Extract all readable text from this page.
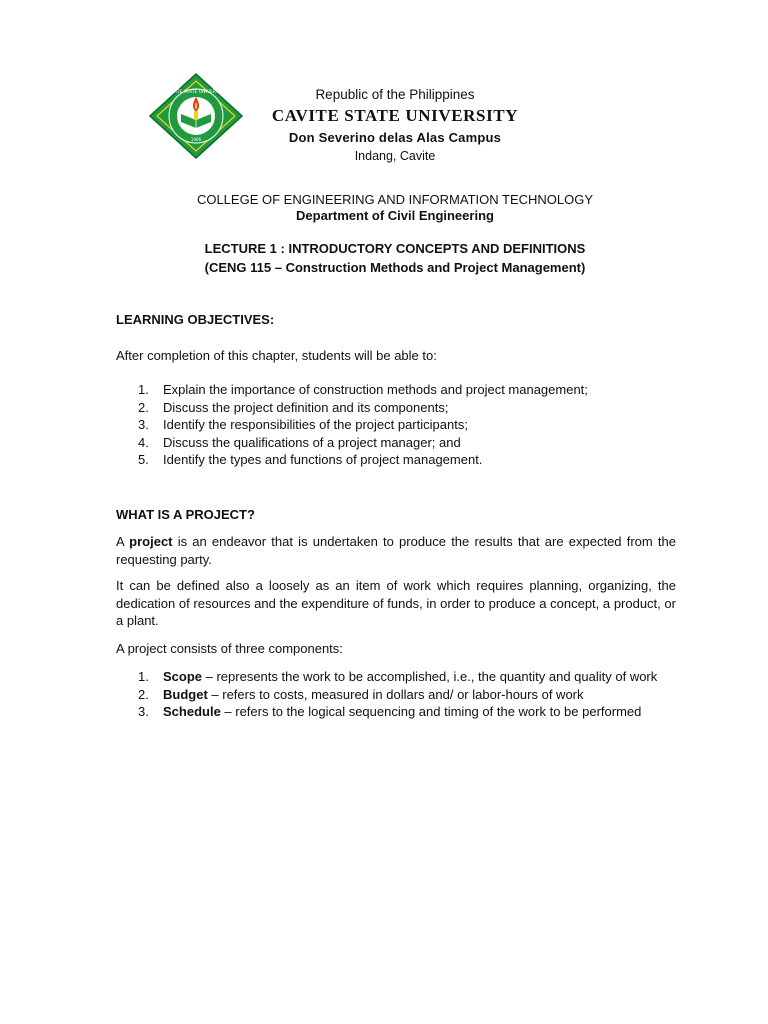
CAVITE STATE UNIVERSITY
1906
Republic of the Philippines
CAVITE STATE UNIVERSITY
Don Severino delas Alas Campus
Indang, Cavite
COLLEGE OF ENGINEERING AND INFORMATION TECHNOLOGY
Department of Civil Engineering
LECTURE 1 : INTRODUCTORY CONCEPTS AND DEFINITIONS
(CENG 115 – Construction Methods and Project Management)
LEARNING OBJECTIVES:
After completion of this chapter, students will be able to:
1. Explain the importance of construction methods and project management;
2. Discuss the project definition and its components;
3. Identify the responsibilities of the project participants;
4. Discuss the qualifications of a project manager; and
5. Identify the types and functions of project management.
WHAT IS A PROJECT?
A project is an endeavor that is undertaken to produce the results that are expected from the requesting party.
It can be defined also a loosely as an item of work which requires planning, organizing, the dedication of resources and the expenditure of funds, in order to produce a concept, a product, or a plant.
A project consists of three components:
1. Scope – represents the work to be accomplished, i.e., the quantity and quality of work
2. Budget – refers to costs, measured in dollars and/ or labor-hours of work
3. Schedule – refers to the logical sequencing and timing of the work to be performed
